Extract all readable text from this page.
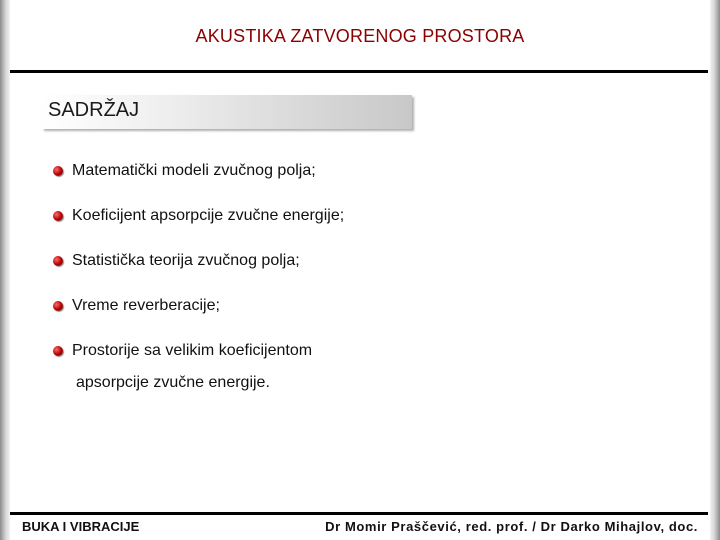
AKUSTIKA ZATVORENOG PROSTORA
SADRŽAJ
Matematički modeli zvučnog polja;
Koeficijent apsorpcije zvučne energije;
Statistička teorija zvučnog polja;
Vreme reverberacije;
Prostorije sa velikim koeficijentom
apsorpcije zvučne energije.
BUKA I VIBRACIJE	Dr Momir Praščević, red. prof. / Dr Darko Mihajlov, doc.
